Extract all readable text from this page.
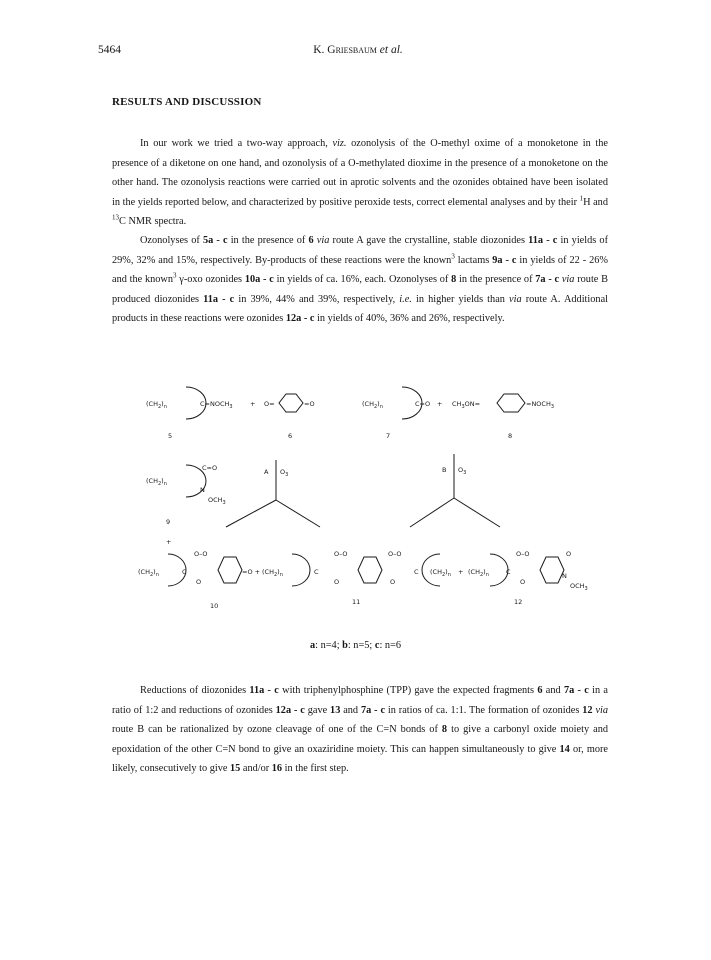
5464	K. Griesbaum et al.
RESULTS AND DISCUSSION

In our work we tried a two-way approach, viz. ozonolysis of the O-methyl oxime of a monoketone in the presence of a diketone on one hand, and ozonolysis of a O-methylated dioxime in the presence of a monoketone on the other hand. The ozonolysis reactions were carried out in aprotic solvents and the ozonides obtained have been isolated in the yields reported below, and characterized by positive peroxide tests, correct elemental analyses and by their $^1$H and $^{13}$C NMR spectra.

Ozonolyses of 5a - c in the presence of 6 via route A gave the crystalline, stable diozonides 11a - c in yields of 29%, 32% and 15%, respectively. By-products of these reactions were the known$^3$ lactams 9a - c in yields of 22 - 26% and the known$^3$ γ-oxo ozonides 10a - c in yields of ca. 16%, each. Ozonolyses of 8 in the presence of 7a - c via route B produced diozonides 11a - c in 39%, 44% and 39%, respectively, i.e. in higher yields than via route A. Additional products in these reactions were ozonides 12a - c in yields of 40%, 36% and 26%, respectively.

$(CH_2)_n$	$C=NOCH_3$	+ O=	=O	$(CH_2)_n$	$C=O + CH_3ON=$	$=NOCH_3$
5	6	7	8
C=O
$(CH_2)_n$
N
$OCH_3$
9
+
A $O_3$
B $O_3$
$(CH_2)_n$
O–O
C
O
$=O + (CH_2)_n$
O–O
C
O
O–O
C
O
$(CH_2)_n + (CH_2)_n$
O–O
C
O
O
N
$OCH_3$
10	11	12
a: n=4; b: n=5; c: n=6

Reductions of diozonides 11a - c with triphenylphosphine (TPP) gave the expected fragments 6 and 7a - c in a ratio of 1:2 and reductions of ozonides 12a - c gave 13 and 7a - c in ratios of ca. 1:1. The formation of ozonides 12 via route B can be rationalized by ozone cleavage of one of the C=N bonds of 8 to give a carbonyl oxide moiety and epoxidation of the other C=N bond to give an oxaziridine moiety. This can happen simultaneously to give 14 or, more likely, consecutively to give 15 and/or 16 in the first step.
